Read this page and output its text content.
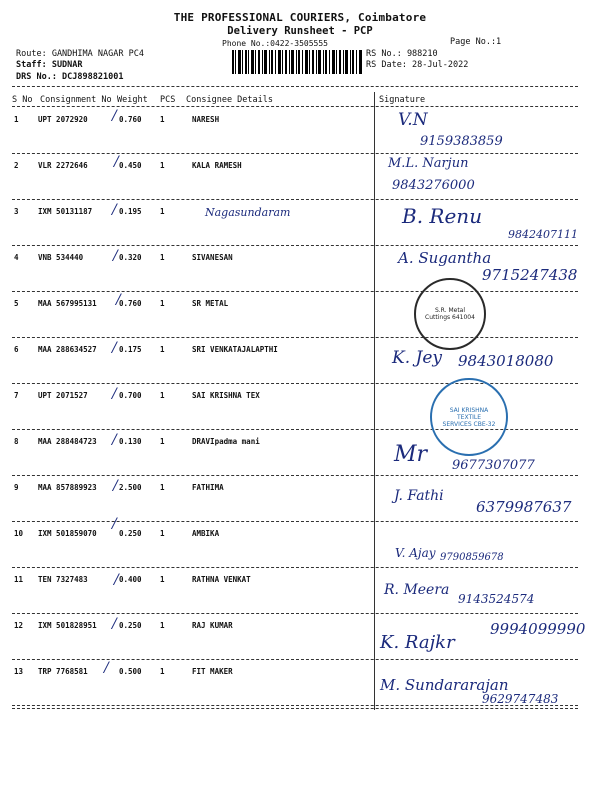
THE PROFESSIONAL COURIERS, Coimbatore
Delivery Runsheet - PCP
Phone No.:0422-3505555	Page No.:1
Route: GANDHIMA NAGAR PC4
Staff: SUDNAR
DRS No.: DCJ898821001
RS No.: 988210
RS Date: 28-Jul-2022
S No Consignment No Weight PCS Consignee Details	Signature
1	UPT 2072920	0.760 1	NARESH	V.N
9159383859
2	VLR 2272646	0.450 1	KALA RAMESH	M.L. Narjun
9843276000
3	IXM 50131187	0.195 1	Nagasundaram	B. Renu
9842407111
4	VNB 534440	0.320 1	SIVANESAN	A. Sugantha
9715247438
5	MAA 567995131	0.760 1	SR METAL
6	MAA 288634527	0.175 1	SRI VENKATAJALAPTHI	K. Jey 9843018080
7	UPT 2071527	0.700 1	SAI KRISHNA TEX
8	MAA 288484723	0.130 1	DRAVIpadma mani
Mr 9677307077
9	MAA 857889923	2.500 1	FATHIMA
J. Fathi
6379987637
10 IXM 501859070	0.250 1	AMBIKA
V. Ajay 9790859678
11 TEN 7327483	0.400 1	RATHNA VENKAT
R. Meera
9143524574
12 IXM 501828951	0.250 1	RAJ KUMAR
K. Rajkr
9994099990
13 TRP 7768581	0.500 1	FIT MAKER
M. Sundararajan
9629747483
/
/
/
/
/
/
/
/
/
/
/
/
/
S.R. Metal Cuttings 641004
SAI KRISHNA TEXTILE SERVICES CBE-32
